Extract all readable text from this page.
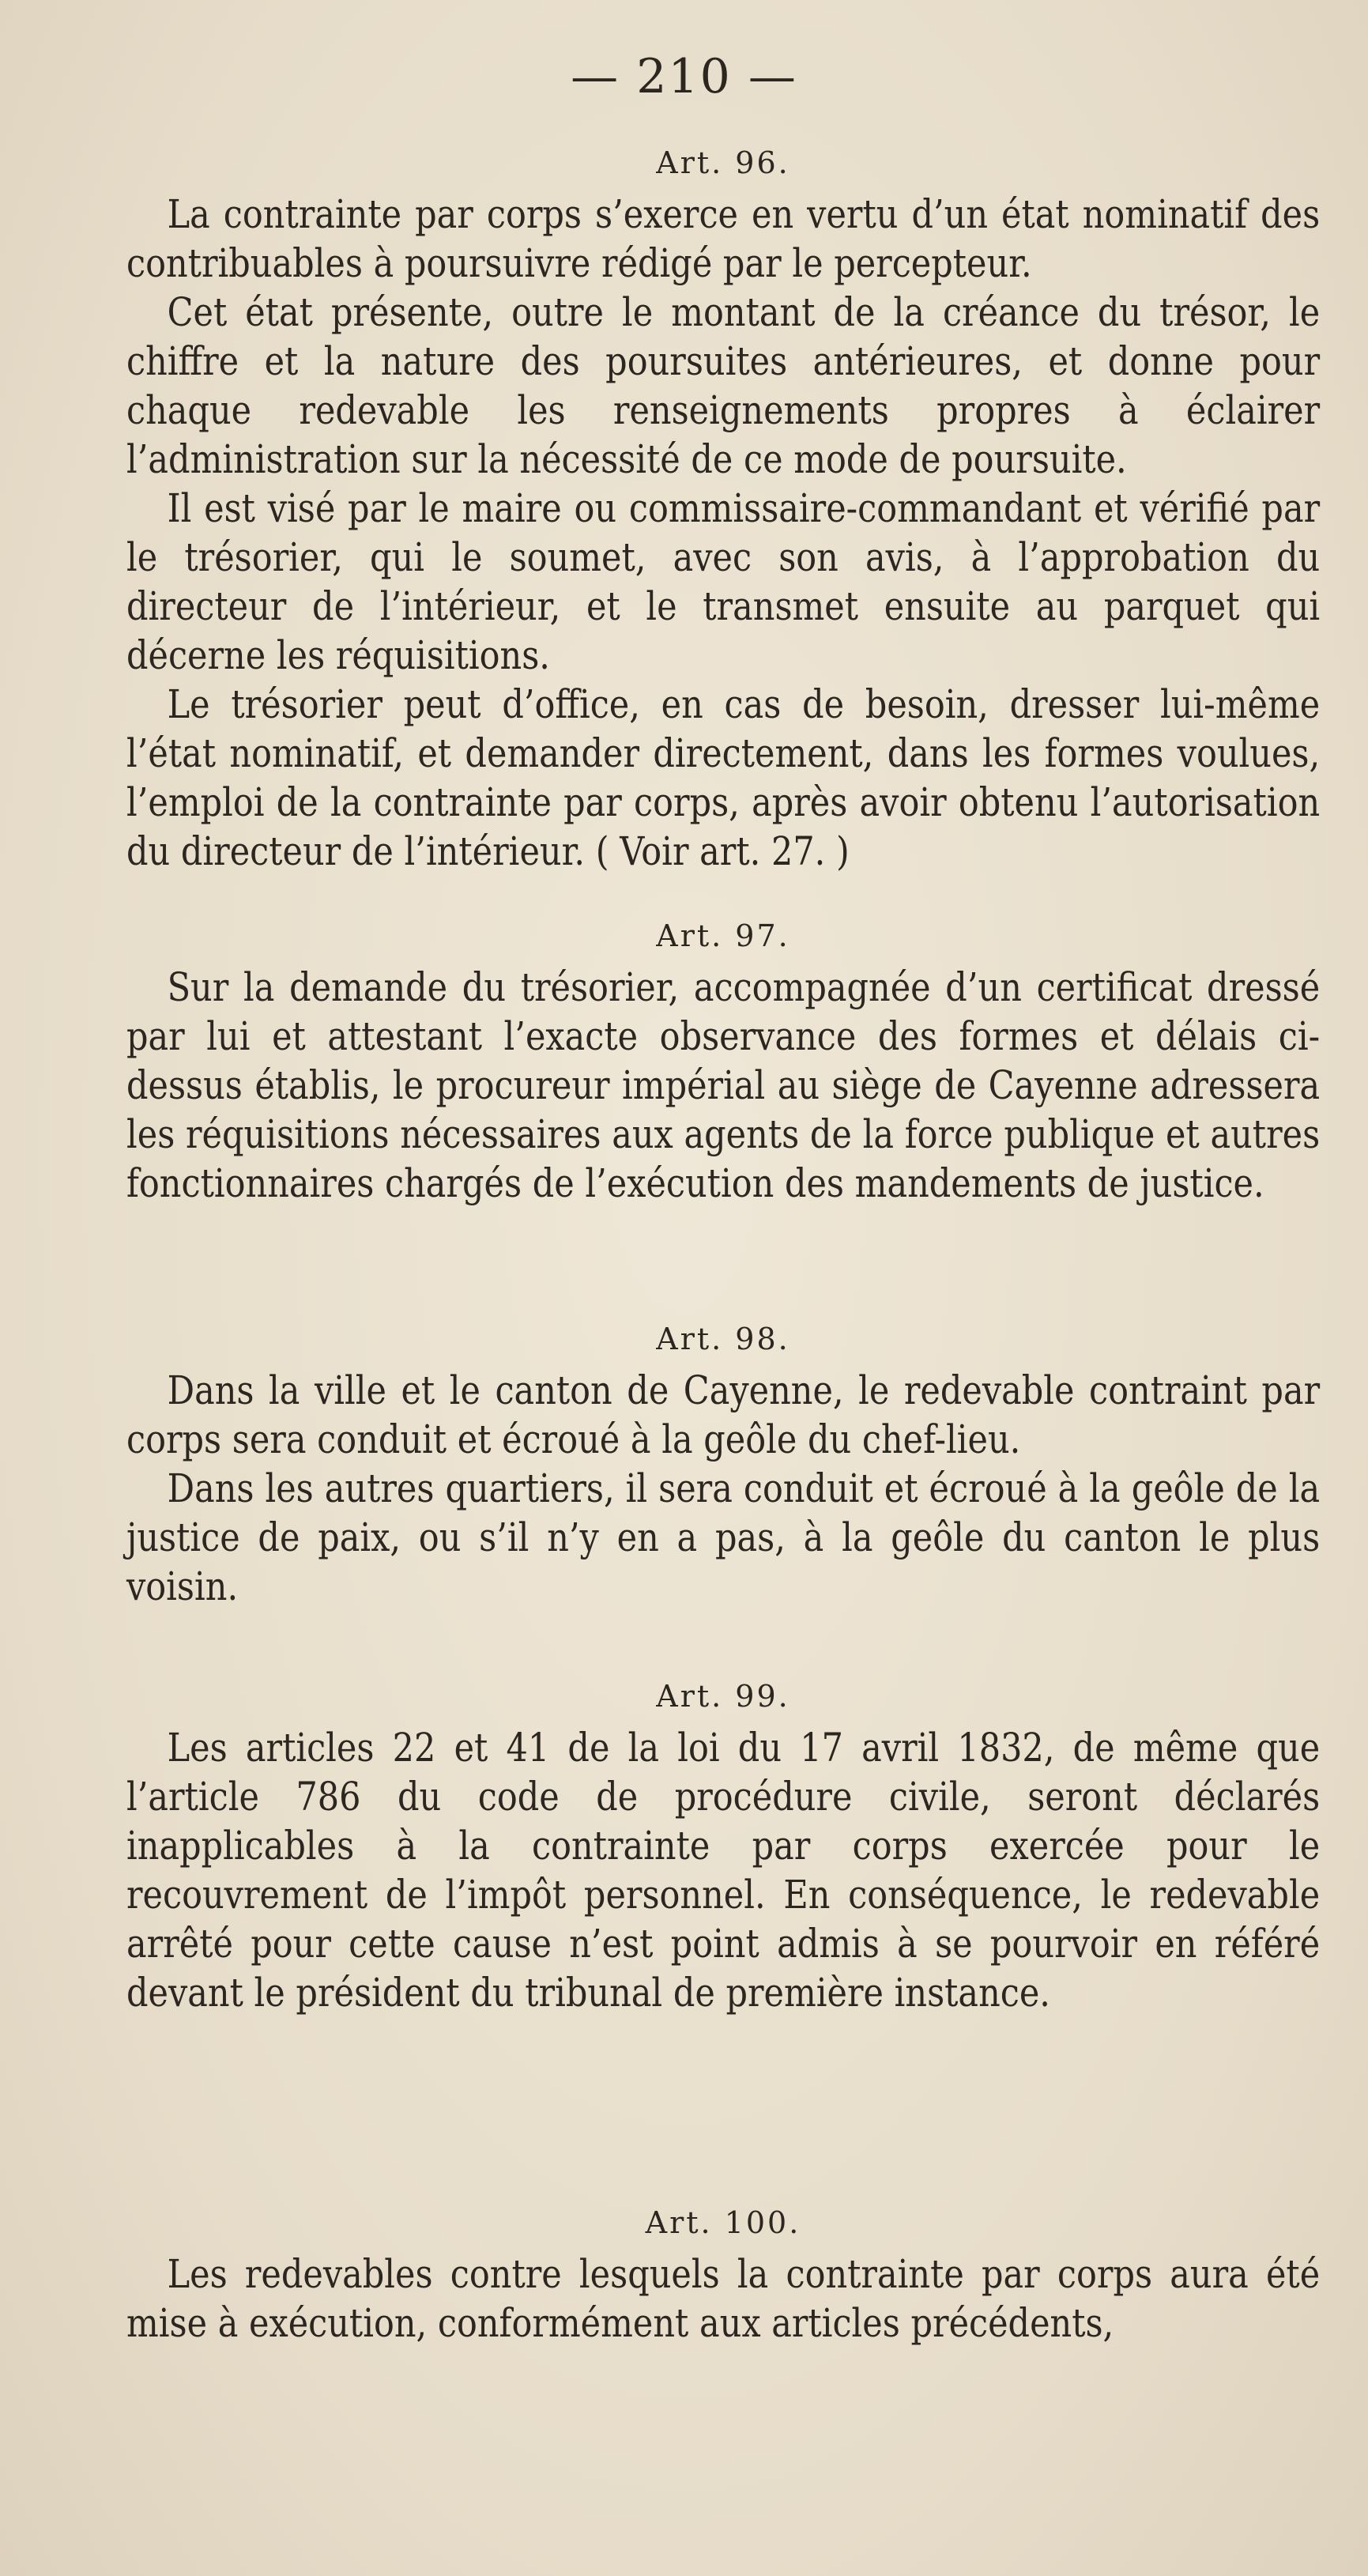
— 210 —
Art. 96.

La contrainte par corps s’exerce en vertu d’un état nominatif des contribuables à poursuivre rédigé par le percepteur.

Cet état présente, outre le montant de la créance du trésor, le chiffre et la nature des poursuites antérieures, et donne pour chaque redevable les renseignements propres à éclairer l’administration sur la nécessité de ce mode de poursuite.

Il est visé par le maire ou commissaire-commandant et vérifié par le trésorier, qui le soumet, avec son avis, à l’approbation du directeur de l’intérieur, et le transmet ensuite au parquet qui décerne les réquisitions.

Le trésorier peut d’office, en cas de besoin, dresser lui-même l’état nominatif, et demander directement, dans les formes voulues, l’emploi de la contrainte par corps, après avoir obtenu l’autorisation du directeur de l’intérieur. ( Voir art. 27. )

Art. 97.

Sur la demande du trésorier, accompagnée d’un certificat dressé par lui et attestant l’exacte observance des formes et délais ci-dessus établis, le procureur impérial au siège de Cayenne adressera les réquisitions nécessaires aux agents de la force publique et autres fonctionnaires chargés de l’exécution des mandements de justice.

Art. 98.

Dans la ville et le canton de Cayenne, le redevable contraint par corps sera conduit et écroué à la geôle du chef-lieu.

Dans les autres quartiers, il sera conduit et écroué à la geôle de la justice de paix, ou s’il n’y en a pas, à la geôle du canton le plus voisin.

Art. 99.

Les articles 22 et 41 de la loi du 17 avril 1832, de même que l’article 786 du code de procédure civile, seront déclarés inapplicables à la contrainte par corps exercée pour le recouvrement de l’impôt personnel. En conséquence, le redevable arrêté pour cette cause n’est point admis à se pourvoir en référé devant le président du tribunal de première instance.

Art. 100.

Les redevables contre lesquels la contrainte par corps aura été mise à exécution, conformément aux articles précédents,
